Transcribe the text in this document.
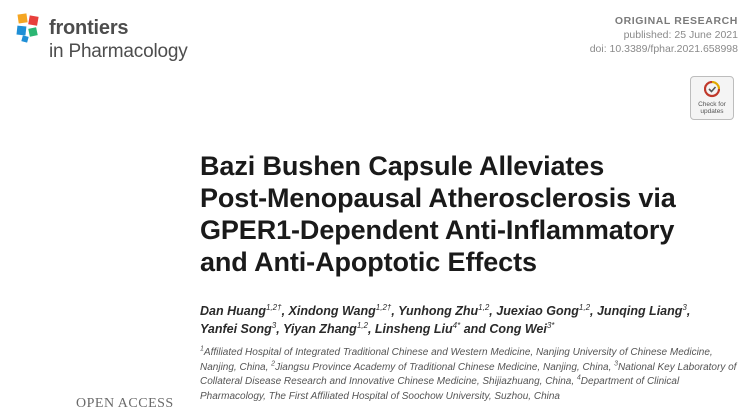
frontiers
in Pharmacology
ORIGINAL RESEARCH
published: 25 June 2021
doi: 10.3389/fphar.2021.658998
Check for
updates
Bazi Bushen Capsule Alleviates
Post-Menopausal Atherosclerosis via
GPER1-Dependent Anti-Inflammatory
and Anti-Apoptotic Effects
Dan Huang$^{1,2\dagger}$, Xindong Wang$^{1,2\dagger}$, Yunhong Zhu$^{1,2}$, Juexiao Gong$^{1,2}$, Junqing Liang$^3$,
Yanfei Song$^3$, Yiyan Zhang$^{1,2}$, Linsheng Liu$^{4*}$ and Cong Wei$^{3*}$
$^1$Affiliated Hospital of Integrated Traditional Chinese and Western Medicine, Nanjing University of Chinese Medicine, Nanjing, China, $^2$Jiangsu Province Academy of Traditional Chinese Medicine, Nanjing, China, $^3$National Key Laboratory of Collateral Disease Research and Innovative Chinese Medicine, Shijiazhuang, China, $^4$Department of Clinical Pharmacology, The First Affiliated Hospital of Soochow University, Suzhou, China
OPEN ACCESS
